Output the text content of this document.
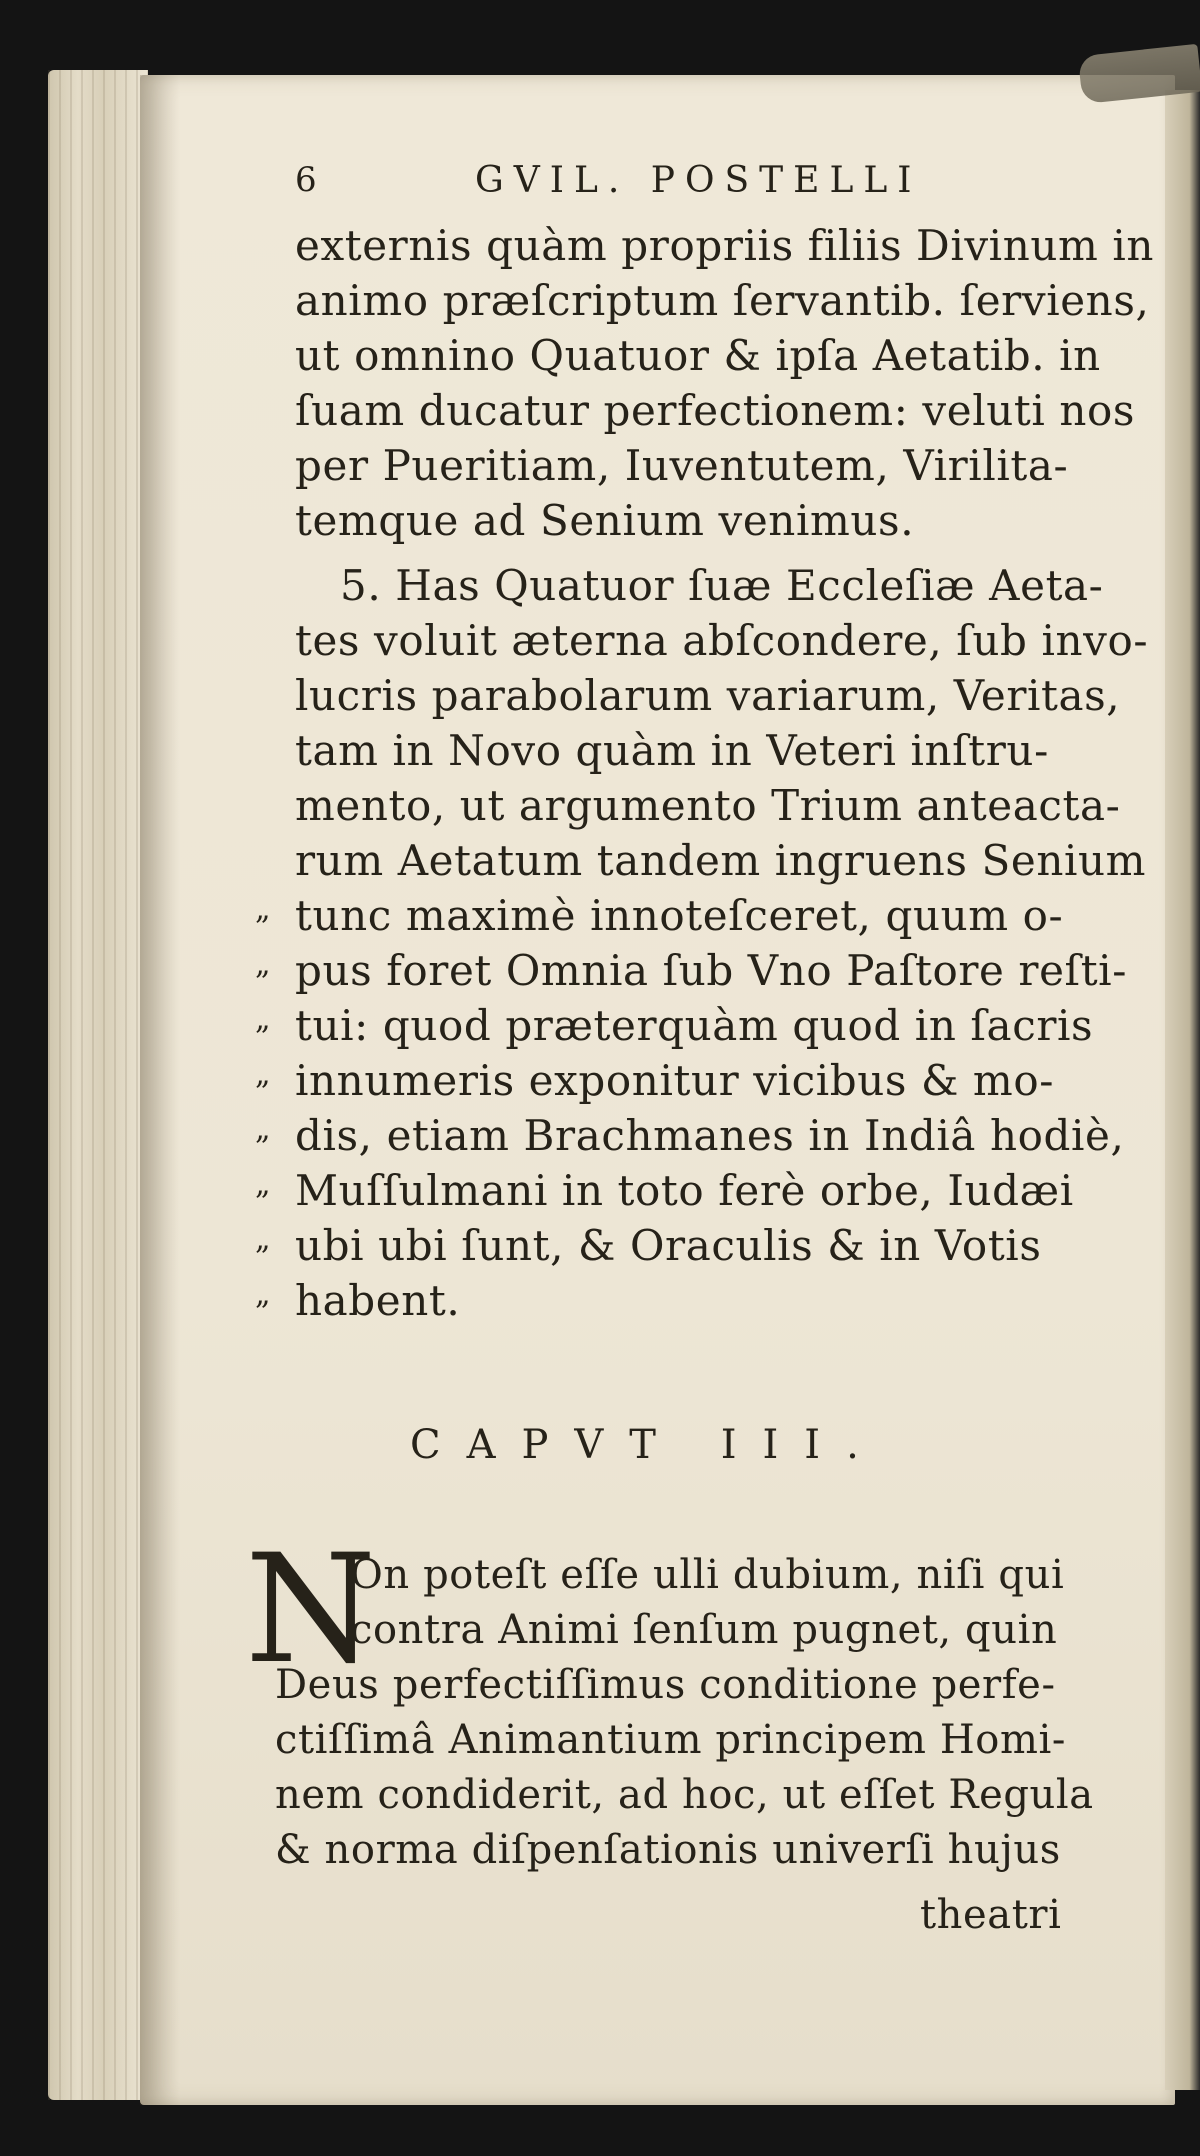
6	GVIL. POSTELLI
externis quàm propriis filiis Divinum in
animo præſcriptum ſervantib. ſerviens,
ut omnino Quatuor & ipſa Aetatib. in
ſuam ducatur perfectionem: veluti nos
per Pueritiam, Iuventutem, Virilita-
temque ad Senium venimus.
5. Has Quatuor ſuæ Eccleſiæ Aeta-
tes voluit æterna abſcondere, ſub invo-
lucris parabolarum variarum, Veritas,
tam in Novo quàm in Veteri inſtru-
mento, ut argumento Trium anteacta-
rum Aetatum tandem ingruens Senium
„ tunc maximè innoteſceret, quum o-
„ pus foret Omnia ſub Vno Paſtore reſti-
„ tui: quod præterquàm quod in ſacris
„ innumeris exponitur vicibus & mo-
„ dis, etiam Brachmanes in Indiâ hodiè,
„ Muſſulmani in toto ferè orbe, Iudæi
„ ubi ubi ſunt, & Oraculis & in Votis
„ habent.
CAPVT III.
N
On poteſt eſſe ulli dubium, niſi qui
contra Animi ſenſum pugnet, quin
Deus perfectiſſimus conditione perfe-
ctiſſimâ Animantium principem Homi-
nem condiderit, ad hoc, ut eſſet Regula
& norma diſpenſationis univerſi hujus
theatri
